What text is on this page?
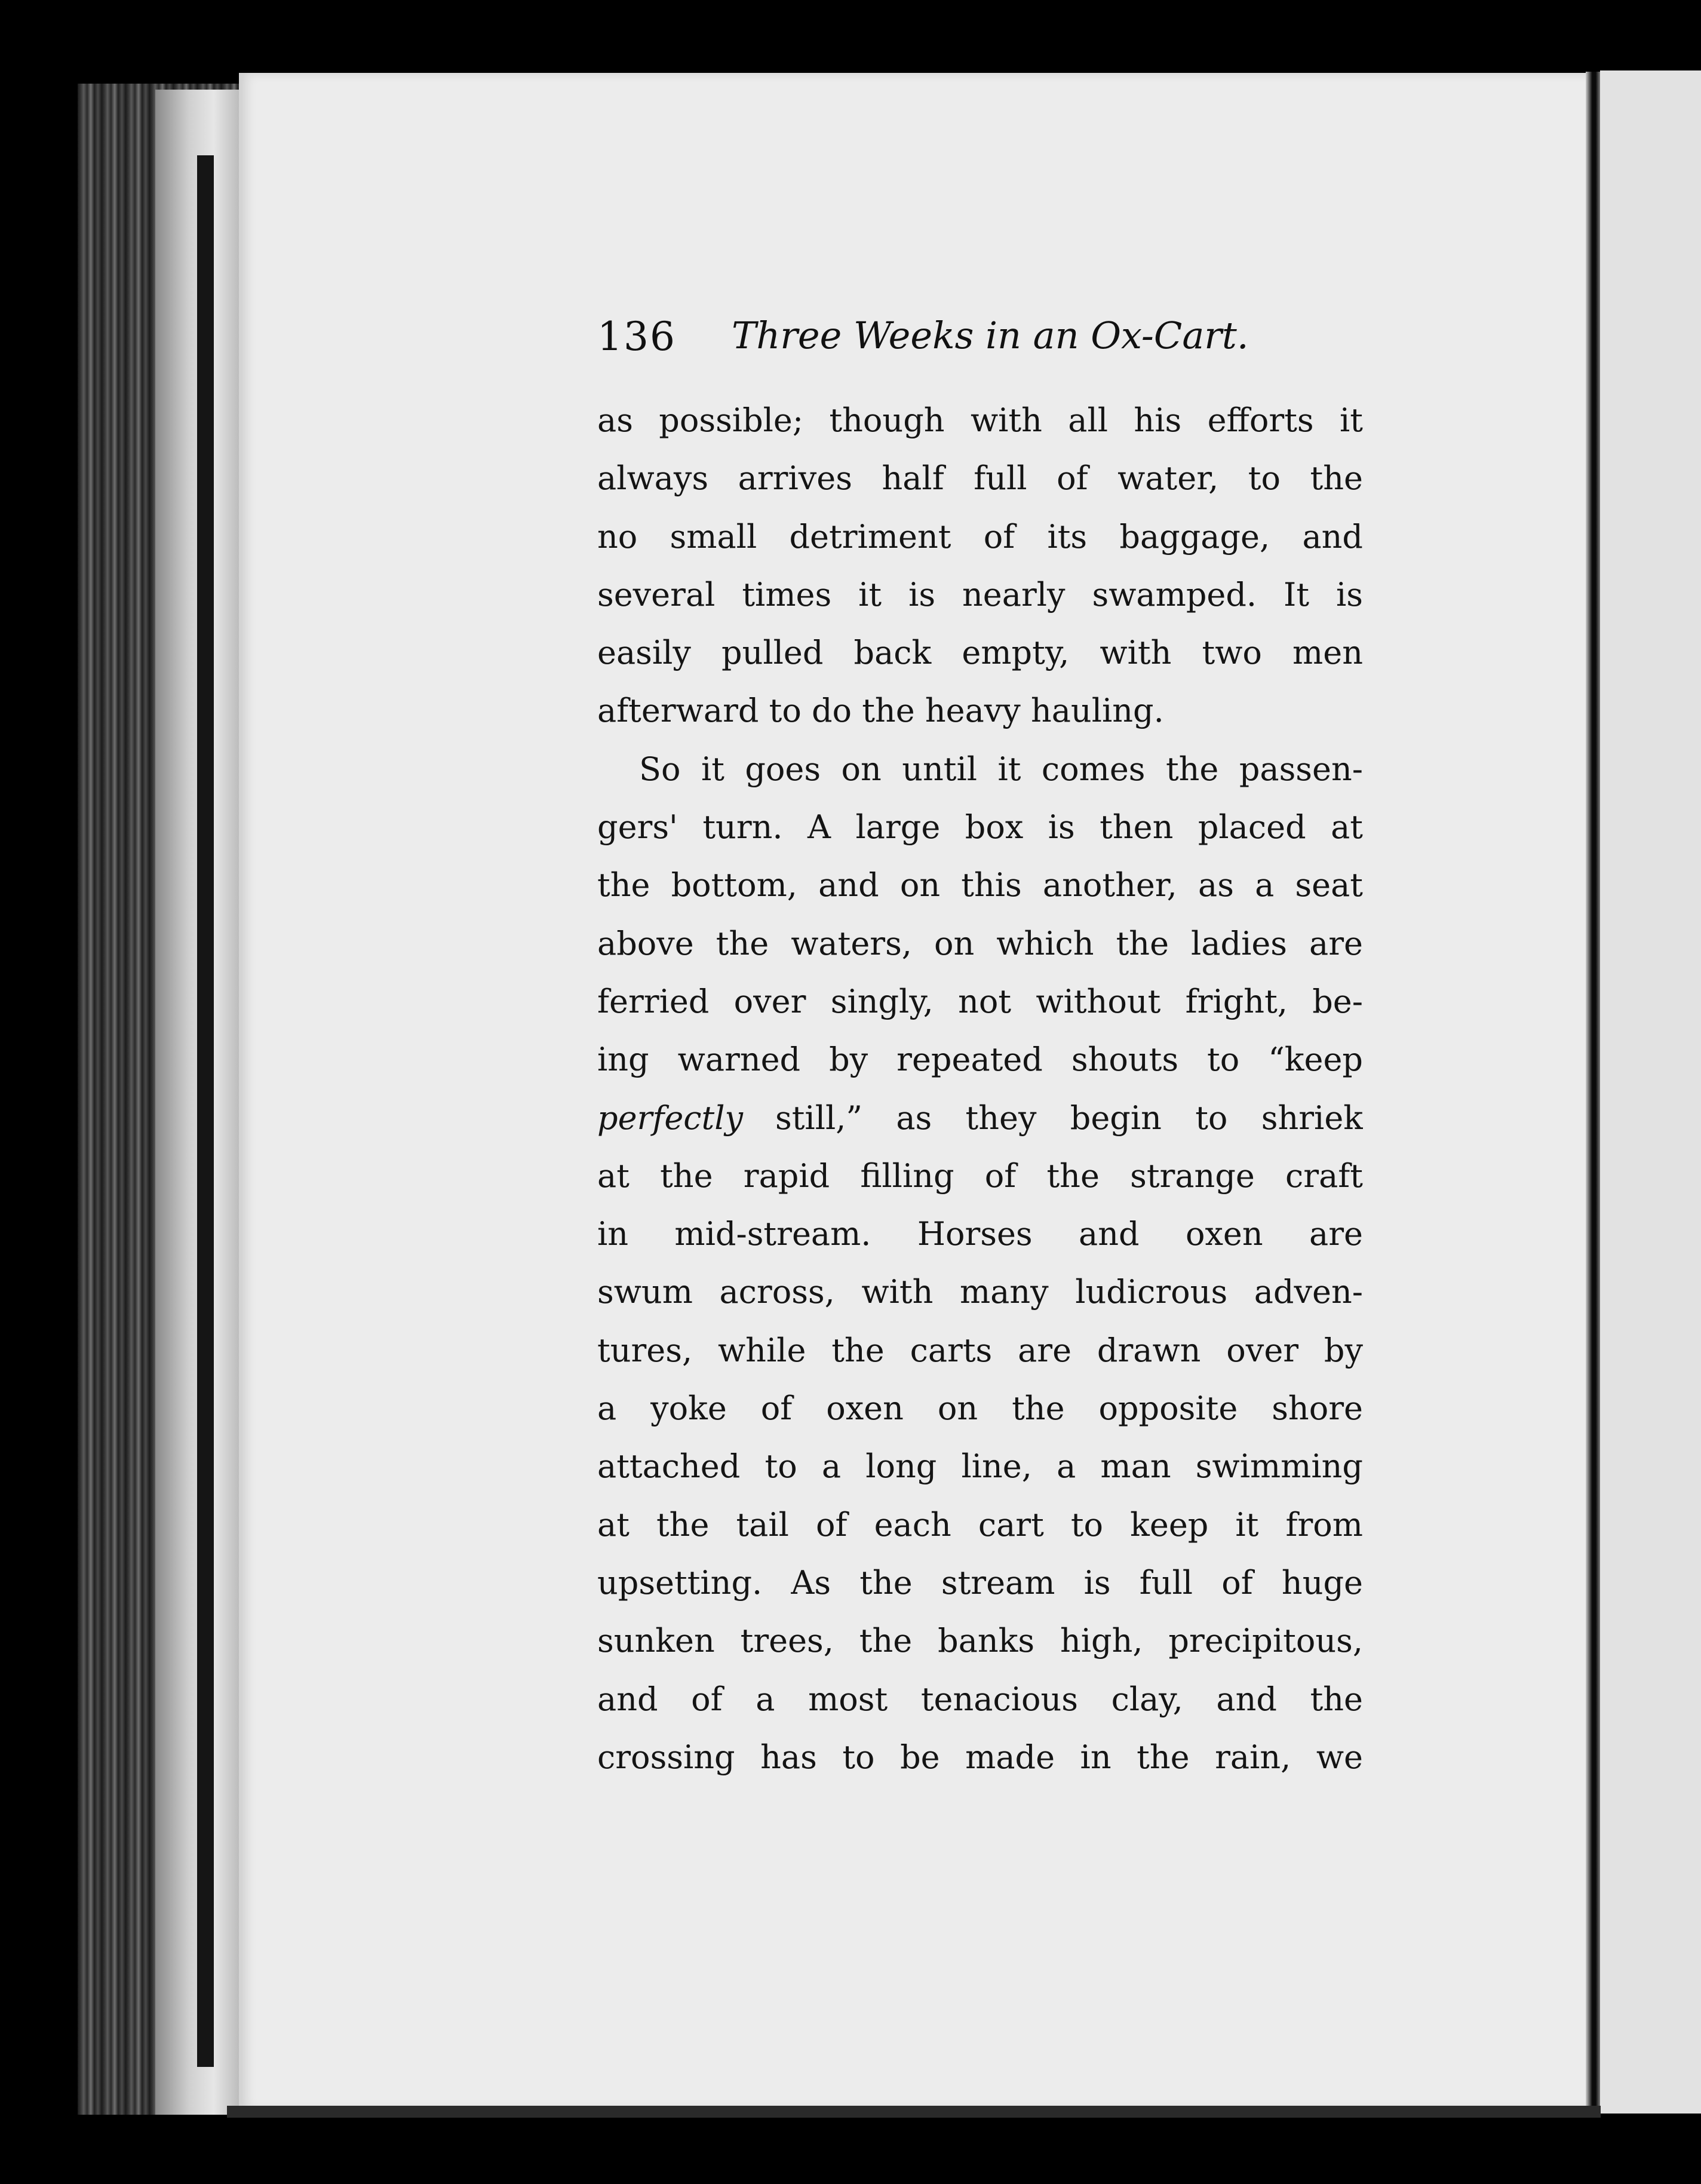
136 Three Weeks in an Ox-Cart.
as possible; though with all his efforts it
always arrives half full of water, to the
no small detriment of its baggage, and
several times it is nearly swamped. It is
easily pulled back empty, with two men
afterward to do the heavy hauling.
So it goes on until it comes the passen-
gers' turn. A large box is then placed at
the bottom, and on this another, as a seat
above the waters, on which the ladies are
ferried over singly, not without fright, be-
ing warned by repeated shouts to “keep
perfectly  still,” as they begin to shriek
at the rapid filling of the strange craft
in mid-stream. Horses and oxen are
swum across, with many ludicrous adven-
tures, while the carts are drawn over by
a yoke of oxen on the opposite shore
attached to a long line, a man swimming
at the tail of each cart to keep it from
upsetting. As the stream is full of huge
sunken trees, the banks high, precipitous,
and of a most tenacious clay, and the
crossing has to be made in the rain, we
